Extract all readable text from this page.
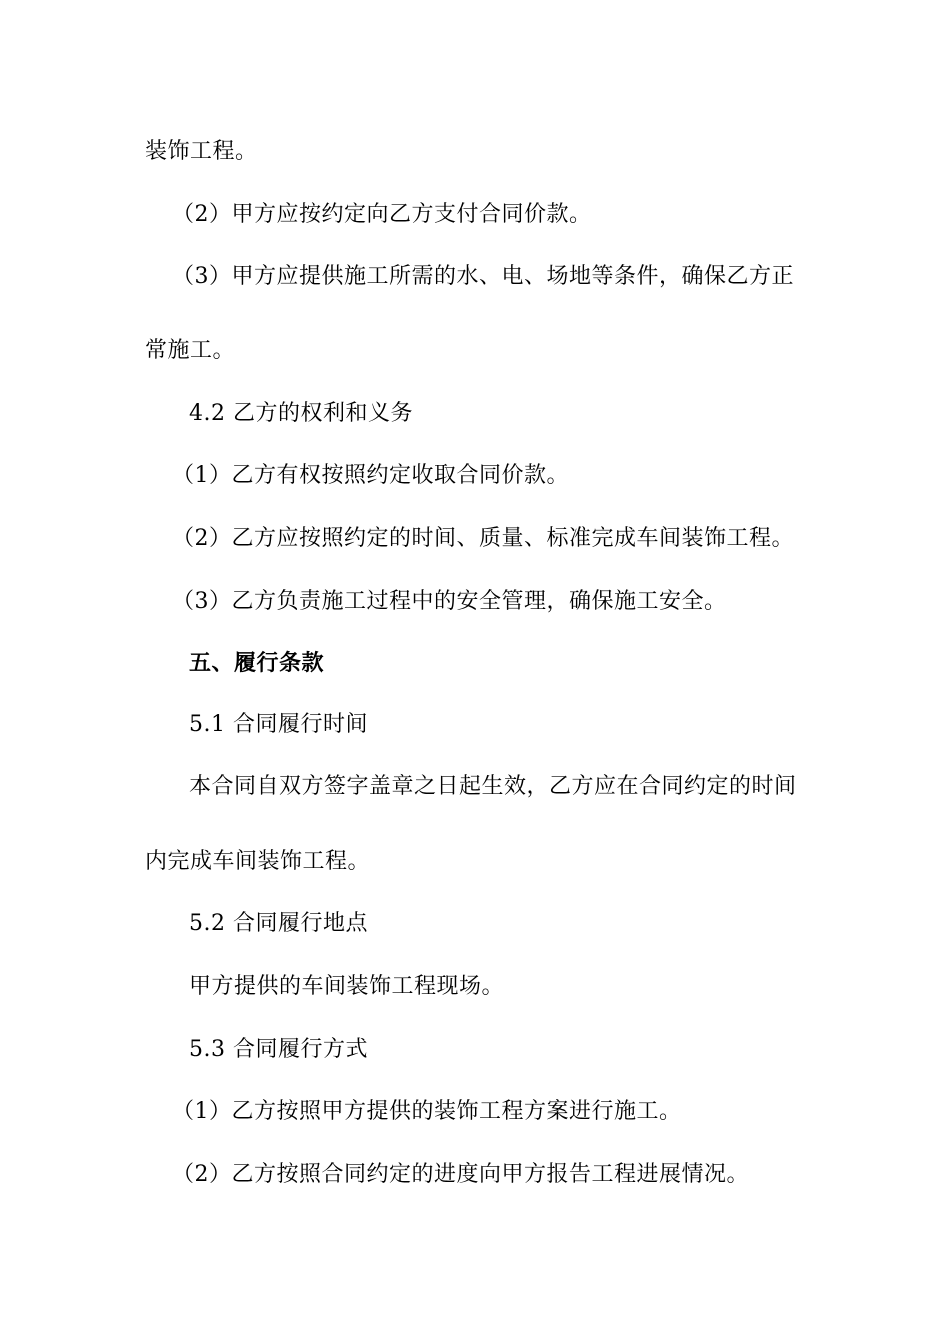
装饰工程。
（2）甲方应按约定向乙方支付合同价款。
（3）甲方应提供施工所需的水、电、场地等条件，确保乙方正
常施工。
4.2 乙方的权利和义务
（1）乙方有权按照约定收取合同价款。
（2）乙方应按照约定的时间、质量、标准完成车间装饰工程。
（3）乙方负责施工过程中的安全管理，确保施工安全。
五、履行条款
5.1 合同履行时间
本合同自双方签字盖章之日起生效，乙方应在合同约定的时间
内完成车间装饰工程。
5.2 合同履行地点
甲方提供的车间装饰工程现场。
5.3 合同履行方式
（1）乙方按照甲方提供的装饰工程方案进行施工。
（2）乙方按照合同约定的进度向甲方报告工程进展情况。
